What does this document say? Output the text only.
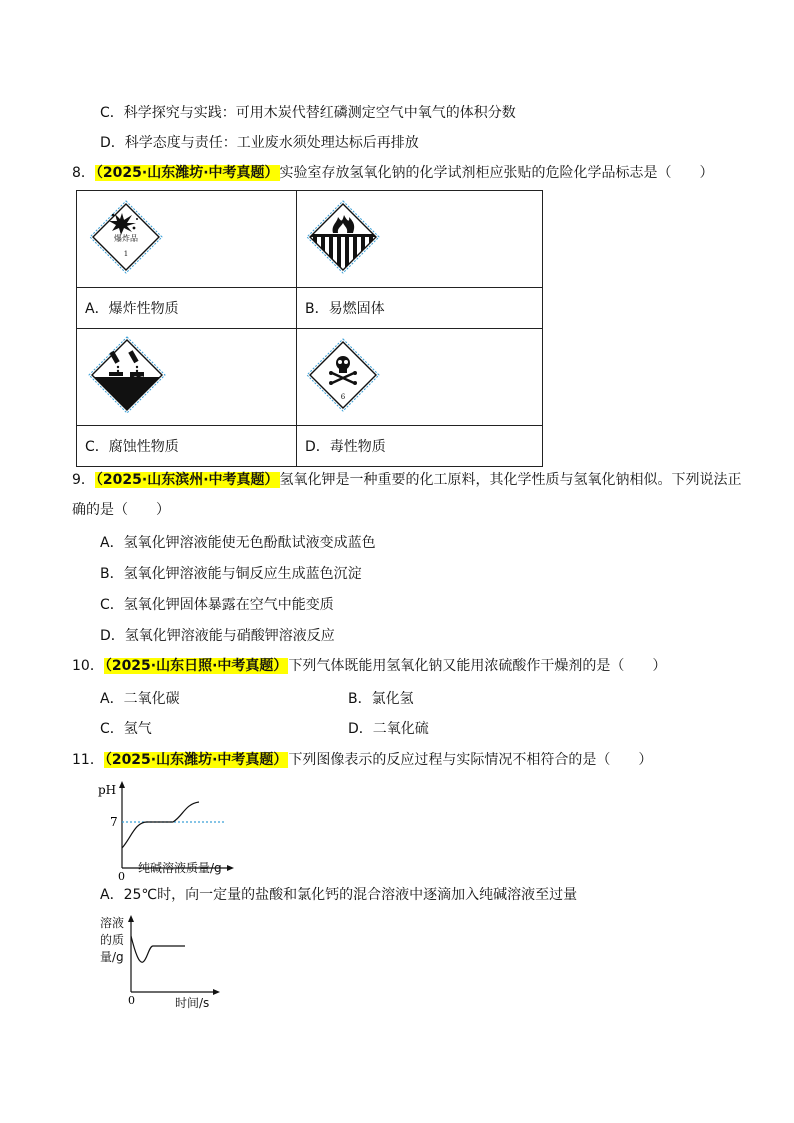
C．科学探究与实践：可用木炭代替红磷测定空气中氧气的体积分数
D．科学态度与责任：工业废水须处理达标后再排放
8．（2025·山东潍坊·中考真题）实验室存放氢氧化钠的化学试剂柜应张贴的危险化学品标志是（　　）
爆炸品
1

A．爆炸性物质	B．易燃固体

6

C．腐蚀性物质	D．毒性物质
9．（2025·山东滨州·中考真题）氢氧化钾是一种重要的化工原料，其化学性质与氢氧化钠相似。下列说法正
确的是（　　）
A．氢氧化钾溶液能使无色酚酞试液变成蓝色
B．氢氧化钾溶液能与铜反应生成蓝色沉淀
C．氢氧化钾固体暴露在空气中能变质
D．氢氧化钾溶液能与硝酸钾溶液反应
10．（2025·山东日照·中考真题）下列气体既能用氢氧化钠又能用浓硫酸作干燥剂的是（　　）
A．二氧化碳	B．氯化氢
C．氢气	D．二氧化硫
11．（2025·山东潍坊·中考真题）下列图像表示的反应过程与实际情况不相符合的是（　　）
pH
7
0
纯碱溶液质量/g
A．25℃时，向一定量的盐酸和氯化钙的混合溶液中逐滴加入纯碱溶液至过量
0
溶液
的质
量/g
时间/s
